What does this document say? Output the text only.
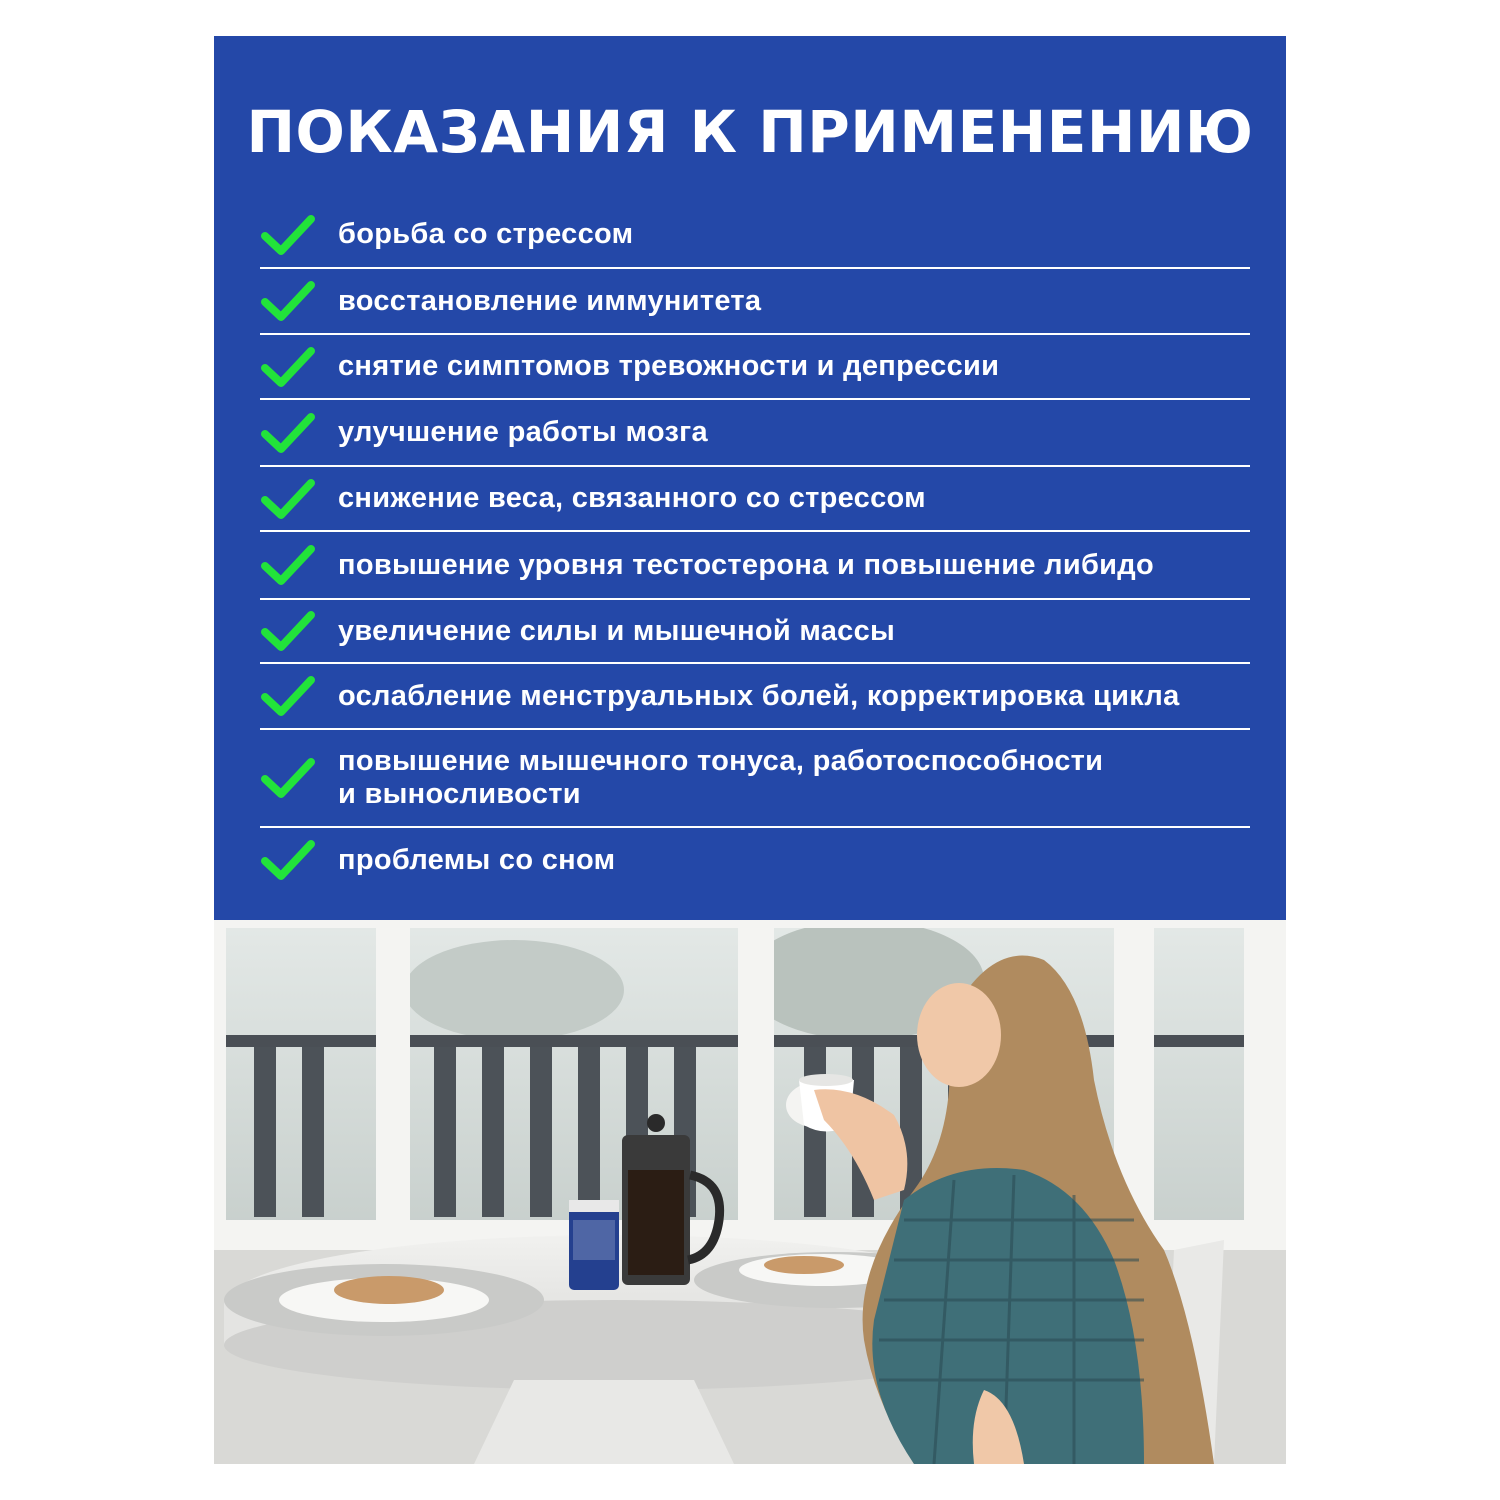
ПОКАЗАНИЯ К ПРИМЕНЕНИЮ
борьба со стрессом
восстановление иммунитета
снятие симптомов тревожности и депрессии
улучшение работы мозга
снижение веса, связанного со стрессом
повышение уровня тестостерона и повышение либидо
увеличение силы и мышечной массы
ослабление менструальных болей, корректировка цикла
повышение мышечного тонуса, работоспособности
и выносливости
проблемы со сном
